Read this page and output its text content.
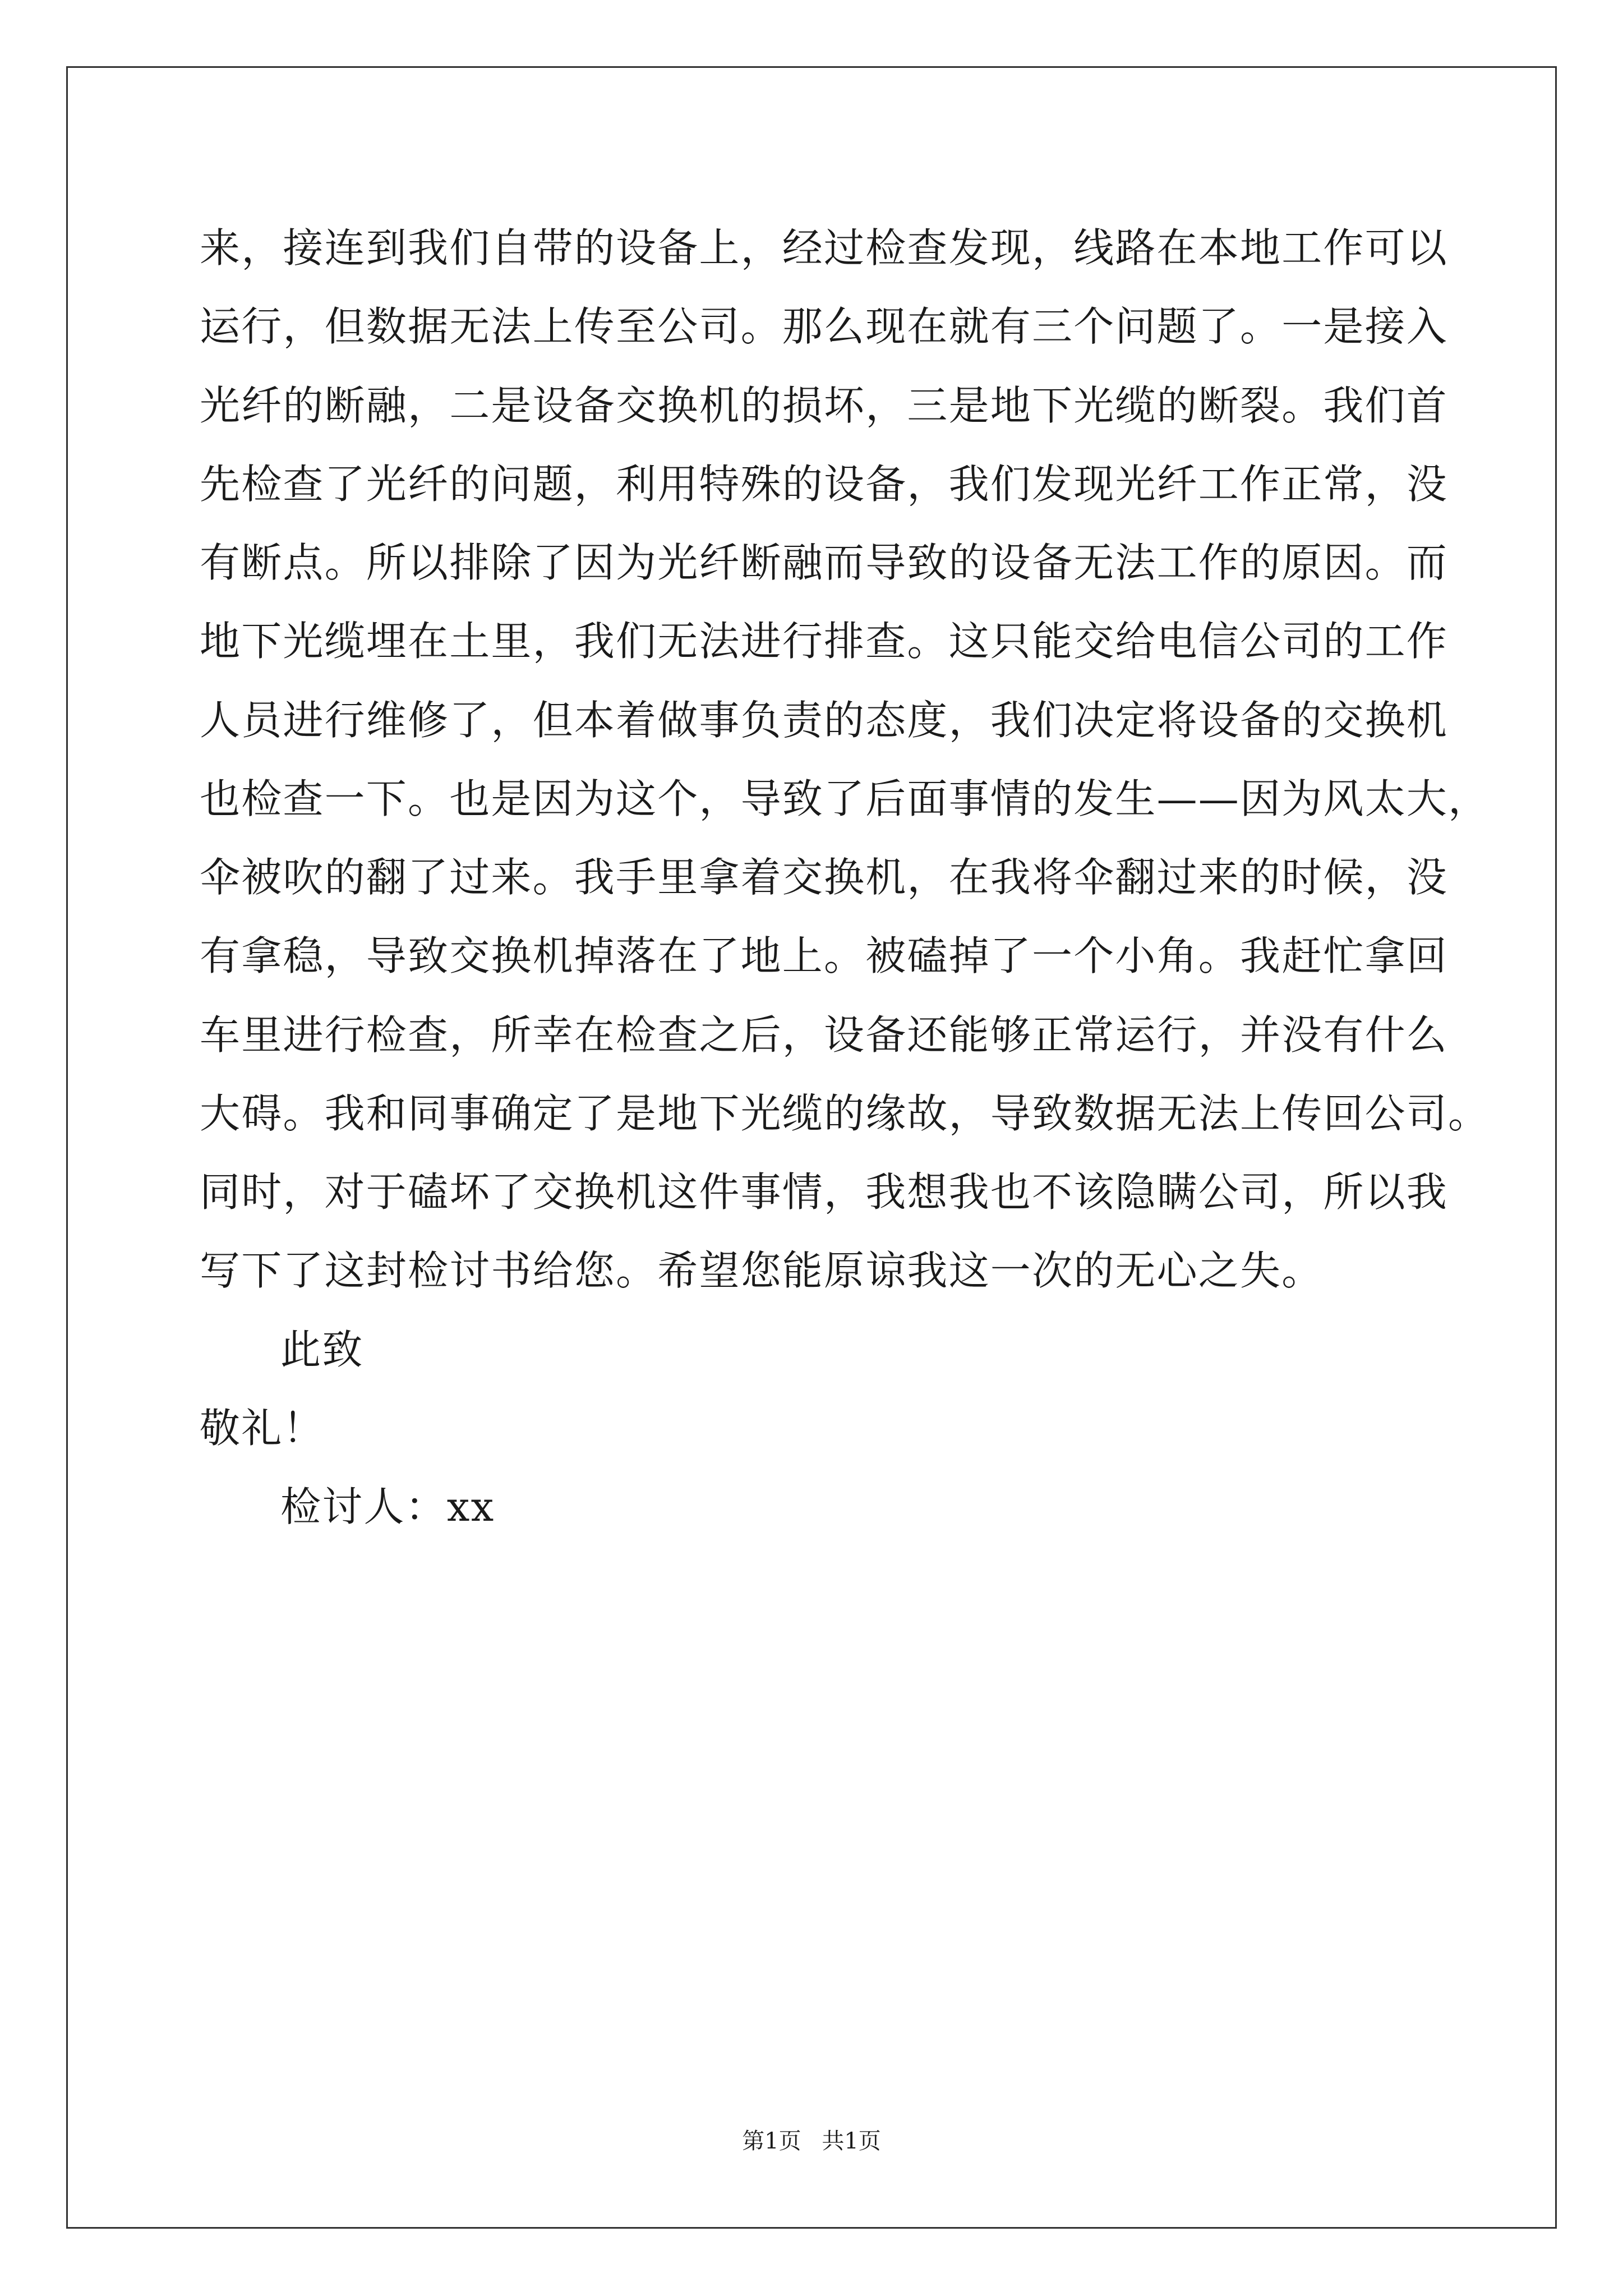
来，接连到我们自带的设备上，经过检查发现，线路在本地工作可以
运行，但数据无法上传至公司。那么现在就有三个问题了。一是接入
光纤的断融，二是设备交换机的损坏，三是地下光缆的断裂。我们首
先检查了光纤的问题，利用特殊的设备，我们发现光纤工作正常，没
有断点。所以排除了因为光纤断融而导致的设备无法工作的原因。而
地下光缆埋在土里，我们无法进行排查。这只能交给电信公司的工作
人员进行维修了，但本着做事负责的态度，我们决定将设备的交换机
也检查一下。也是因为这个，导致了后面事情的发生——因为风太大，
伞被吹的翻了过来。我手里拿着交换机，在我将伞翻过来的时候，没
有拿稳，导致交换机掉落在了地上。被磕掉了一个小角。我赶忙拿回
车里进行检查，所幸在检查之后，设备还能够正常运行，并没有什么
大碍。我和同事确定了是地下光缆的缘故，导致数据无法上传回公司。
同时，对于磕坏了交换机这件事情，我想我也不该隐瞒公司，所以我
写下了这封检讨书给您。希望您能原谅我这一次的无心之失。
此致
敬礼！
检讨人：xx
第1页 共1页
